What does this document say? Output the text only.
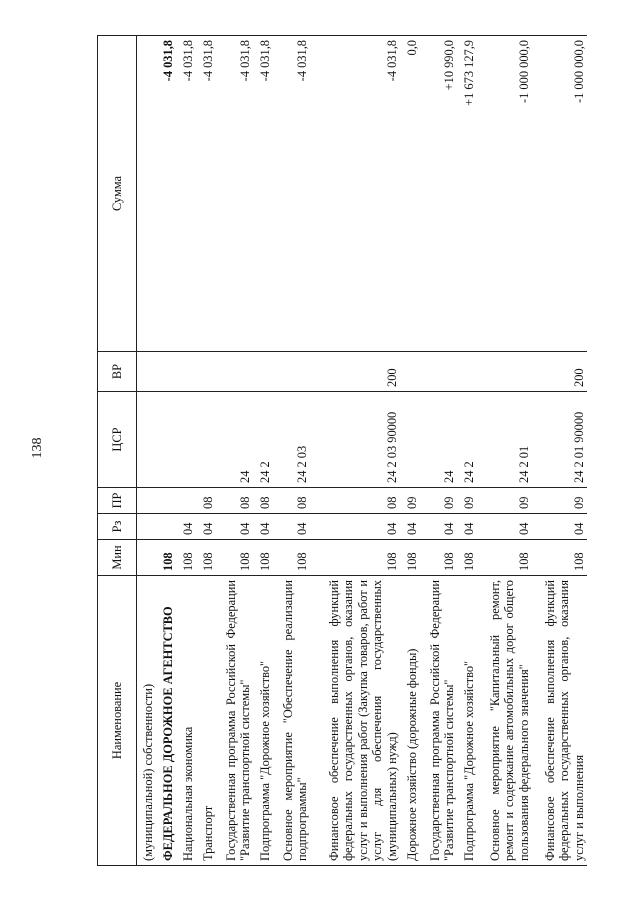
138
Наименование	Мин	Рз	ПР	ЦСР	ВР	Сумма
(муниципальной) собственности)						
ФЕДЕРАЛЬНОЕ ДОРОЖНОЕ АГЕНТСТВО	108					-4 031,8
Национальная экономика	108	04				-4 031,8
Транспорт	108	04	08			-4 031,8
Государственная программа Российской Федерации "Развитие транспортной системы"	108	04	08	24		-4 031,8
Подпрограмма "Дорожное хозяйство"	108	04	08	24 2		-4 031,8
Основное мероприятие "Обеспечение реализации подпрограммы"	108	04	08	24 2 03		-4 031,8
Финансовое обеспечение выполнения функций федеральных государственных органов, оказания услуг и выполнения работ (Закупка товаров, работ и услуг для обеспечения государственных (муниципальных) нужд)	108	04	08	24 2 03 90000	200	-4 031,8
Дорожное хозяйство (дорожные фонды)	108	04	09			0,0
Государственная программа Российской Федерации "Развитие транспортной системы"	108	04	09	24		+10 990,0
Подпрограмма "Дорожное хозяйство"	108	04	09	24 2		+1 673 127,9
Основное мероприятие "Капитальный ремонт, ремонт и содержание автомобильных дорог общего пользования федерального значения"	108	04	09	24 2 01		-1 000 000,0
Финансовое обеспечение выполнения функций федеральных государственных органов, оказания услуг и выполнения	108	04	09	24 2 01 90000	200	-1 000 000,0
